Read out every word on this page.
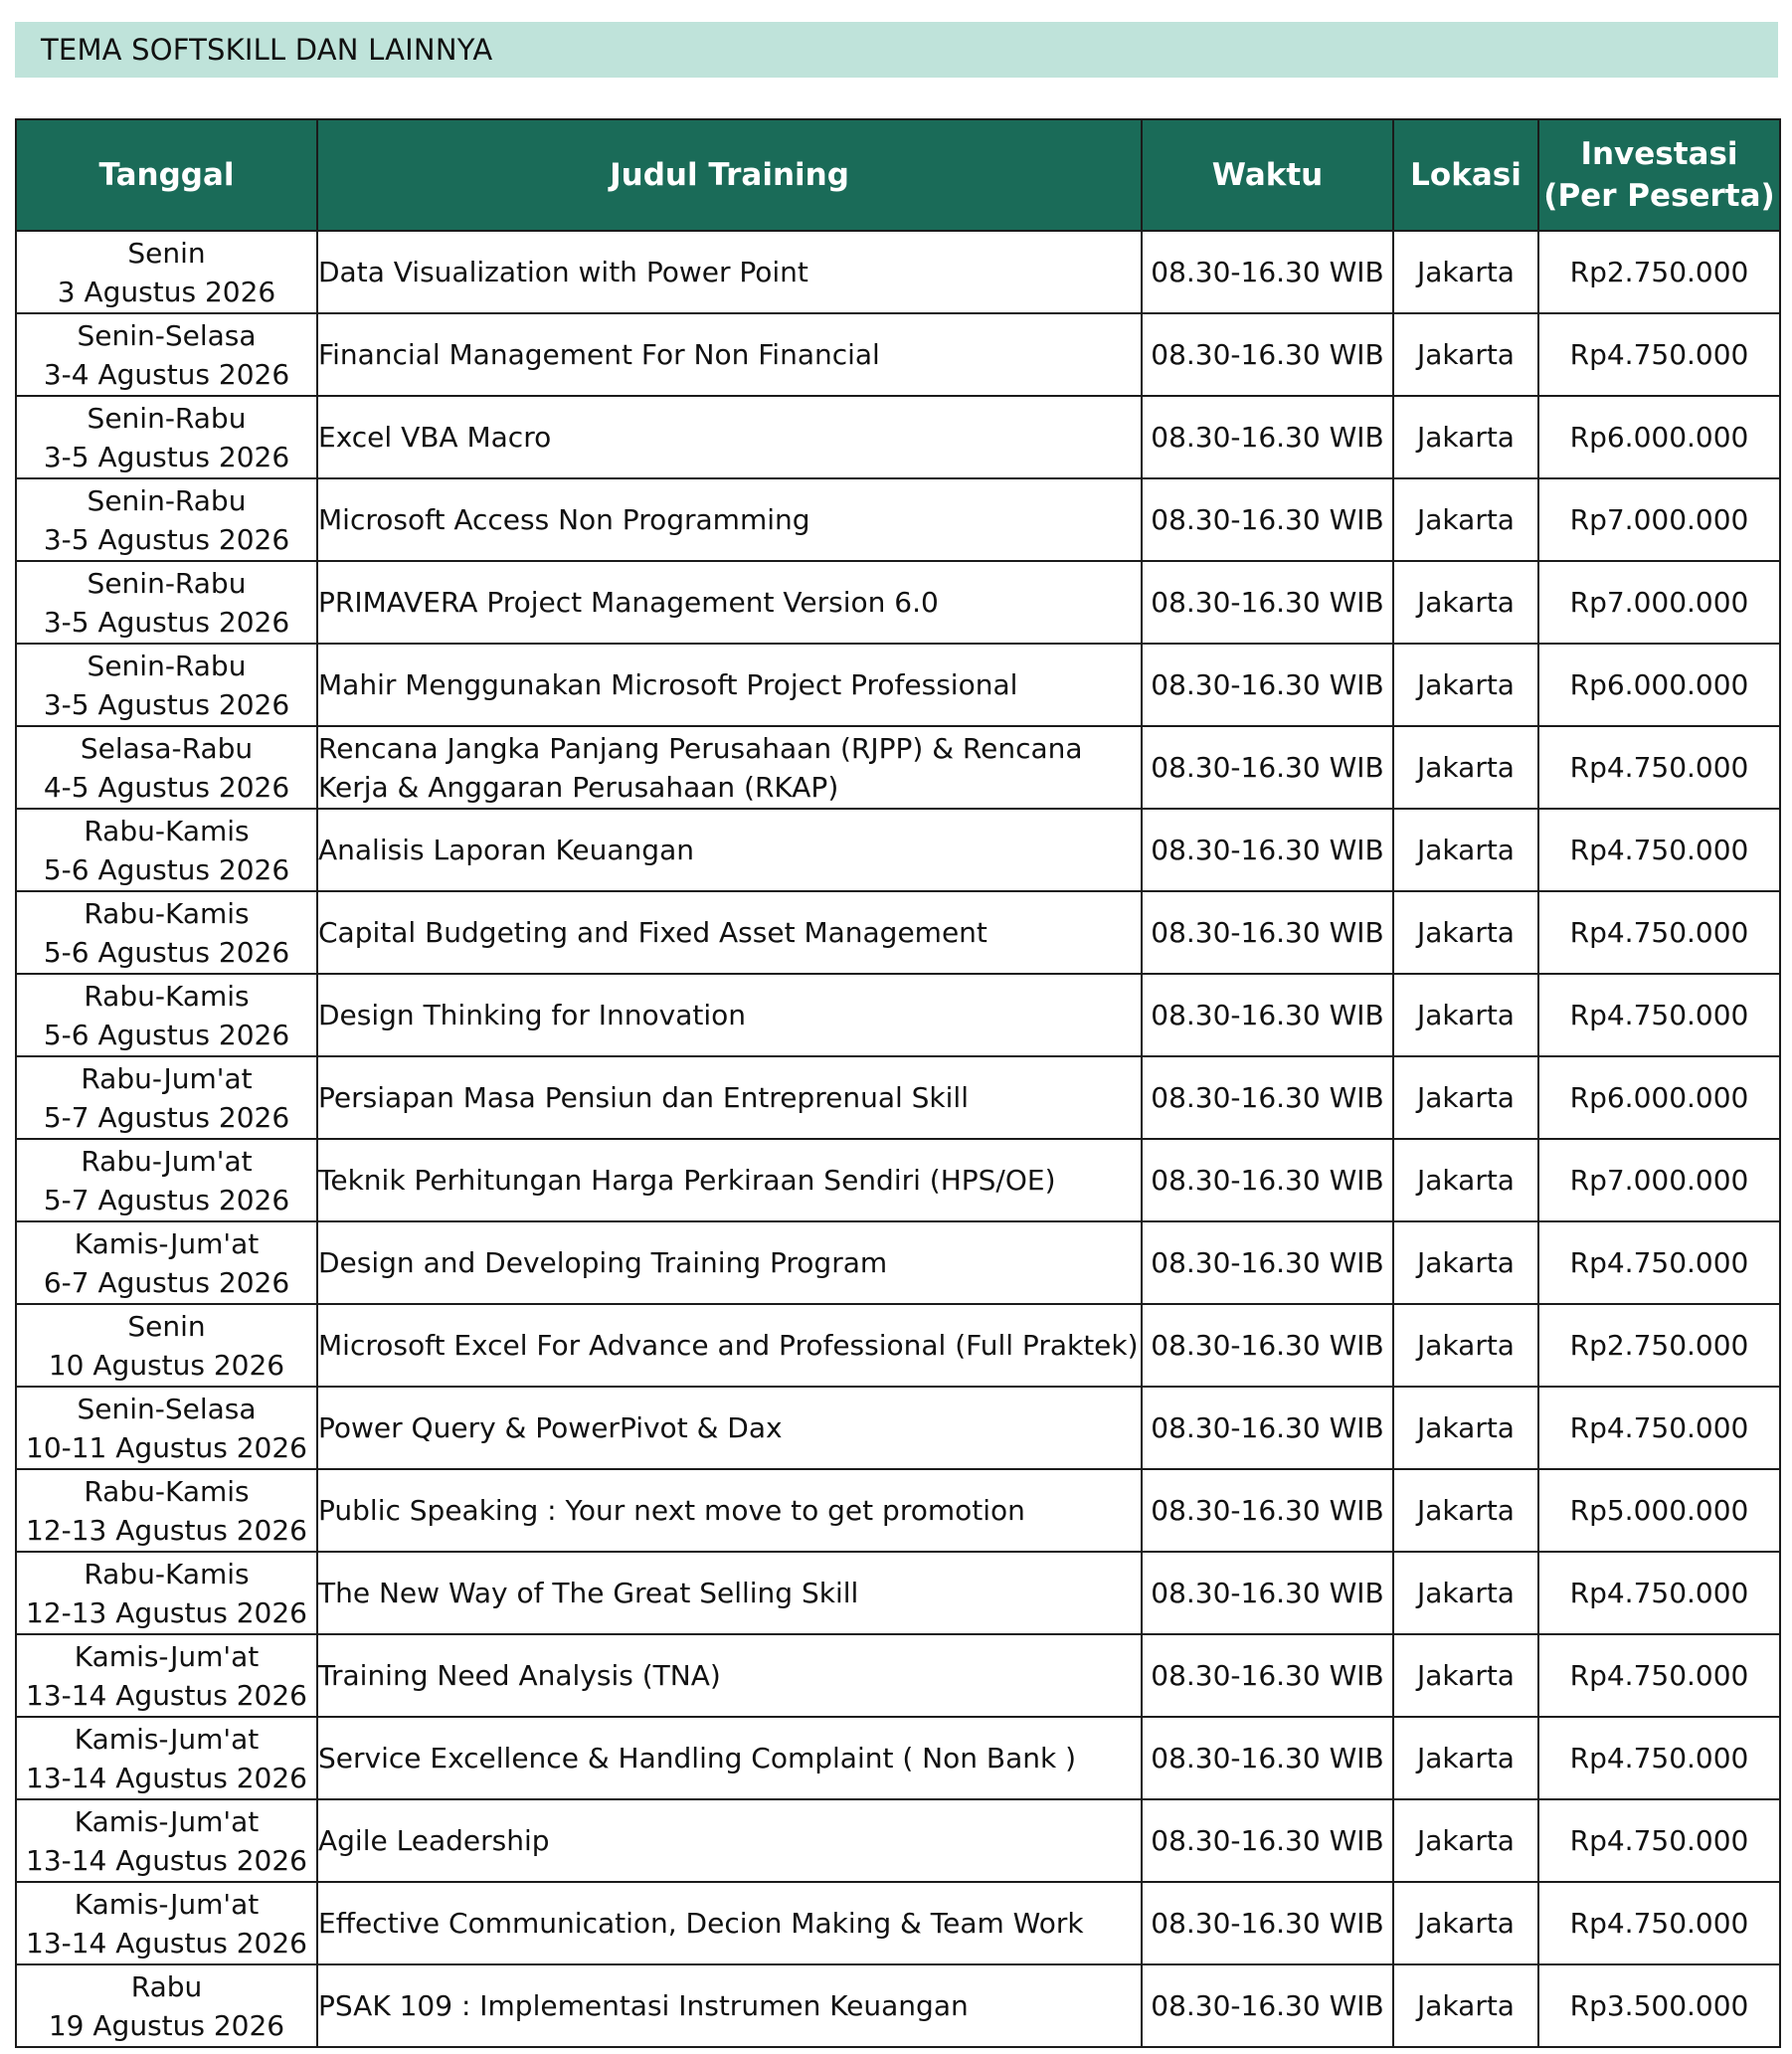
TEMA SOFTSKILL DAN LAINNYA
Tanggal	Judul Training	Waktu	Lokasi	Investasi
(Per Peserta)

Senin
3 Agustus 2026	Data Visualization with Power Point	08.30-16.30 WIB	Jakarta	Rp2.750.000

Senin-Selasa
3-4 Agustus 2026	Financial Management For Non Financial	08.30-16.30 WIB	Jakarta	Rp4.750.000

Senin-Rabu
3-5 Agustus 2026	Excel VBA Macro	08.30-16.30 WIB	Jakarta	Rp6.000.000

Senin-Rabu
3-5 Agustus 2026	Microsoft Access Non Programming	08.30-16.30 WIB	Jakarta	Rp7.000.000

Senin-Rabu
3-5 Agustus 2026	PRIMAVERA Project Management Version 6.0	08.30-16.30 WIB	Jakarta	Rp7.000.000

Senin-Rabu
3-5 Agustus 2026	Mahir Menggunakan Microsoft Project Professional	08.30-16.30 WIB	Jakarta	Rp6.000.000

Selasa-Rabu
4-5 Agustus 2026	Rencana Jangka Panjang Perusahaan (RJPP) & Rencana Kerja & Anggaran Perusahaan (RKAP)	08.30-16.30 WIB	Jakarta	Rp4.750.000

Rabu-Kamis
5-6 Agustus 2026	Analisis Laporan Keuangan	08.30-16.30 WIB	Jakarta	Rp4.750.000

Rabu-Kamis
5-6 Agustus 2026	Capital Budgeting and Fixed Asset Management	08.30-16.30 WIB	Jakarta	Rp4.750.000

Rabu-Kamis
5-6 Agustus 2026	Design Thinking for Innovation	08.30-16.30 WIB	Jakarta	Rp4.750.000

Rabu-Jum'at
5-7 Agustus 2026	Persiapan Masa Pensiun dan Entreprenual Skill	08.30-16.30 WIB	Jakarta	Rp6.000.000

Rabu-Jum'at
5-7 Agustus 2026	Teknik Perhitungan Harga Perkiraan Sendiri (HPS/OE)	08.30-16.30 WIB	Jakarta	Rp7.000.000

Kamis-Jum'at
6-7 Agustus 2026	Design and Developing Training Program	08.30-16.30 WIB	Jakarta	Rp4.750.000

Senin
10 Agustus 2026	Microsoft Excel For Advance and Professional (Full Praktek)	08.30-16.30 WIB	Jakarta	Rp2.750.000

Senin-Selasa
10-11 Agustus 2026	Power Query & PowerPivot & Dax	08.30-16.30 WIB	Jakarta	Rp4.750.000

Rabu-Kamis
12-13 Agustus 2026	Public Speaking : Your next move to get promotion	08.30-16.30 WIB	Jakarta	Rp5.000.000

Rabu-Kamis
12-13 Agustus 2026	The New Way of The Great Selling Skill	08.30-16.30 WIB	Jakarta	Rp4.750.000

Kamis-Jum'at
13-14 Agustus 2026	Training Need Analysis (TNA)	08.30-16.30 WIB	Jakarta	Rp4.750.000

Kamis-Jum'at
13-14 Agustus 2026	Service Excellence & Handling Complaint ( Non Bank )	08.30-16.30 WIB	Jakarta	Rp4.750.000

Kamis-Jum'at
13-14 Agustus 2026	Agile Leadership	08.30-16.30 WIB	Jakarta	Rp4.750.000

Kamis-Jum'at
13-14 Agustus 2026	Effective Communication, Decion Making & Team Work	08.30-16.30 WIB	Jakarta	Rp4.750.000

Rabu
19 Agustus 2026	PSAK 109 : Implementasi Instrumen Keuangan	08.30-16.30 WIB	Jakarta	Rp3.500.000
